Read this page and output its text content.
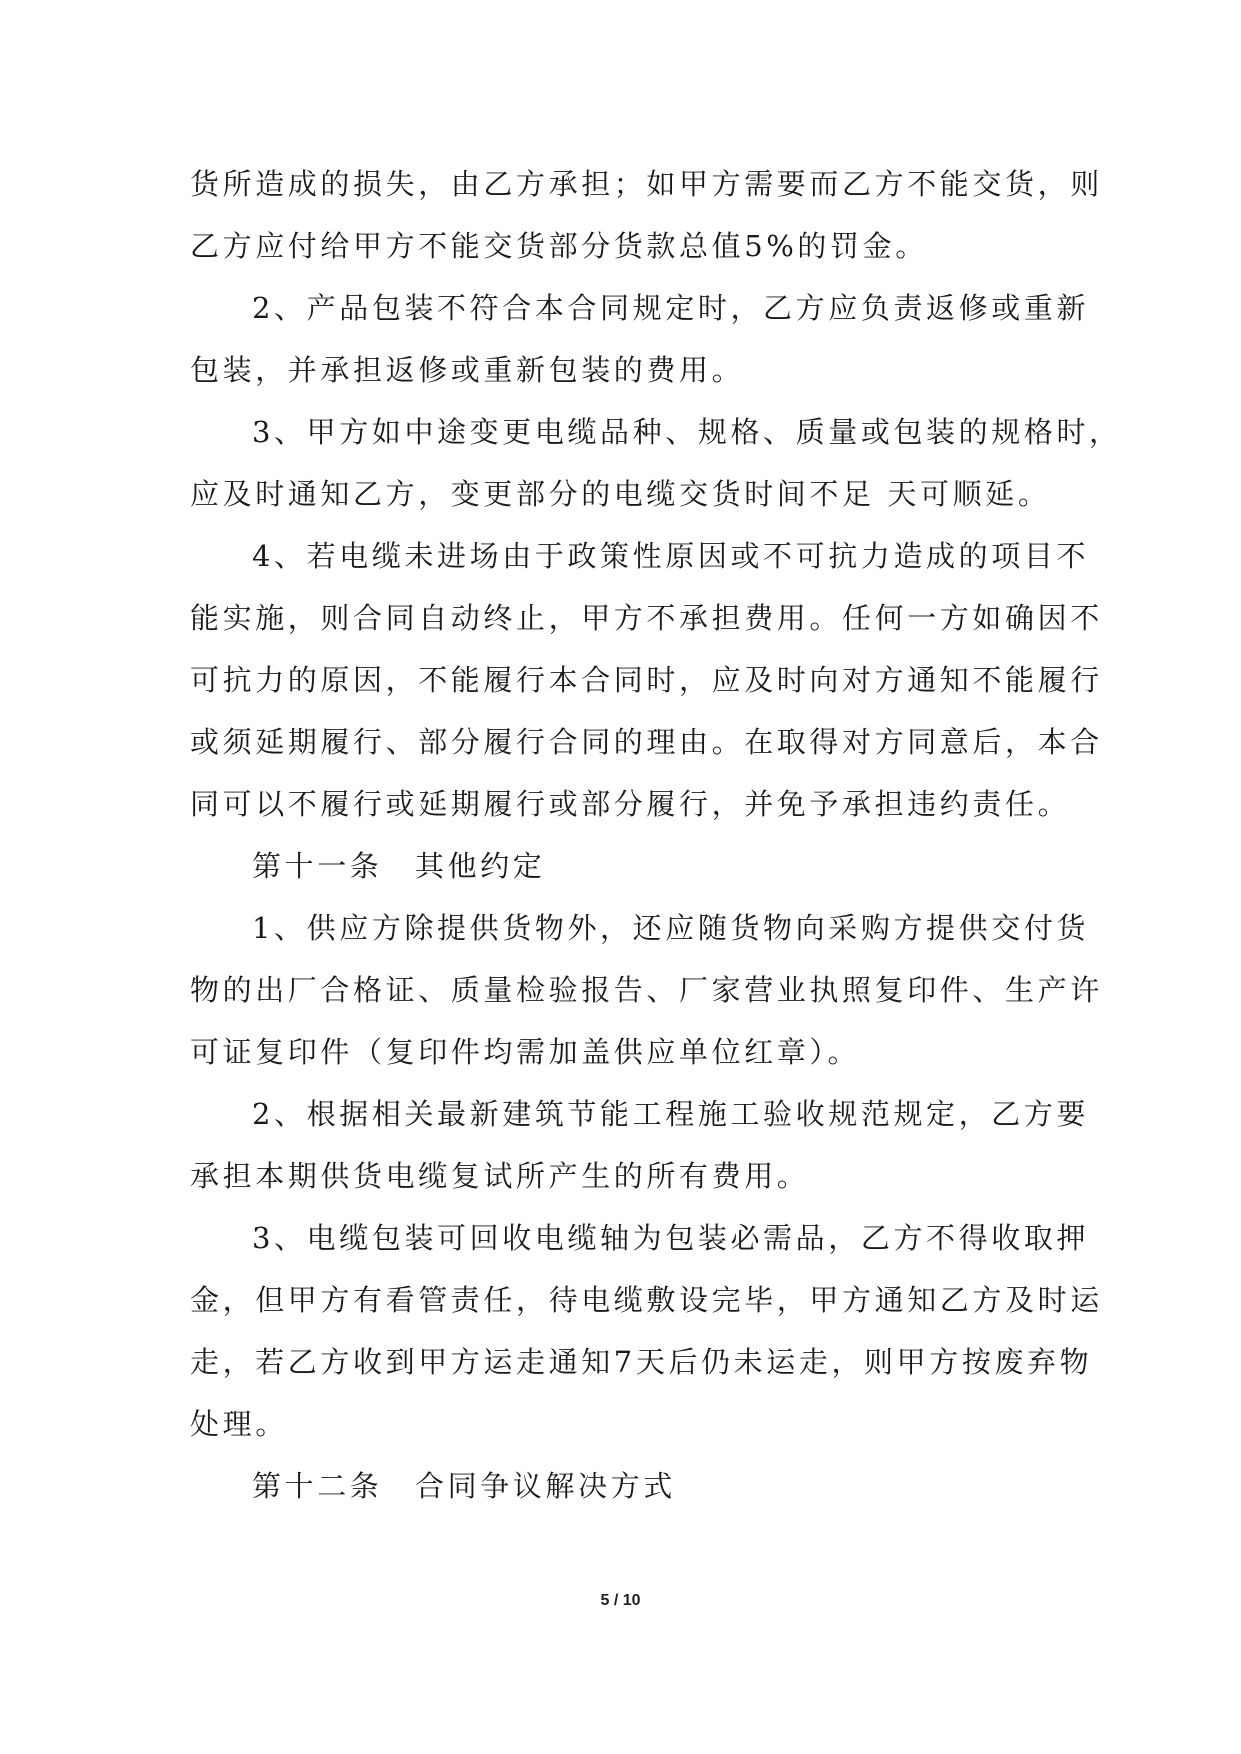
货所造成的损失，由乙方承担；如甲方需要而乙方不能交货，则
乙方应付给甲方不能交货部分货款总值5%的罚金。
2、产品包装不符合本合同规定时，乙方应负责返修或重新
包装，并承担返修或重新包装的费用。
3、甲方如中途变更电缆品种、规格、质量或包装的规格时，
应及时通知乙方，变更部分的电缆交货时间不足 天可顺延。
4、若电缆未进场由于政策性原因或不可抗力造成的项目不
能实施，则合同自动终止，甲方不承担费用。任何一方如确因不
可抗力的原因，不能履行本合同时，应及时向对方通知不能履行
或须延期履行、部分履行合同的理由。在取得对方同意后，本合
同可以不履行或延期履行或部分履行，并免予承担违约责任。
第十一条　其他约定
1、供应方除提供货物外，还应随货物向采购方提供交付货
物的出厂合格证、质量检验报告、厂家营业执照复印件、生产许
可证复印件（复印件均需加盖供应单位红章）。
2、根据相关最新建筑节能工程施工验收规范规定，乙方要
承担本期供货电缆复试所产生的所有费用。
3、电缆包装可回收电缆轴为包装必需品，乙方不得收取押
金，但甲方有看管责任，待电缆敷设完毕，甲方通知乙方及时运
走，若乙方收到甲方运走通知7天后仍未运走，则甲方按废弃物
处理。
第十二条　合同争议解决方式
5 / 10
